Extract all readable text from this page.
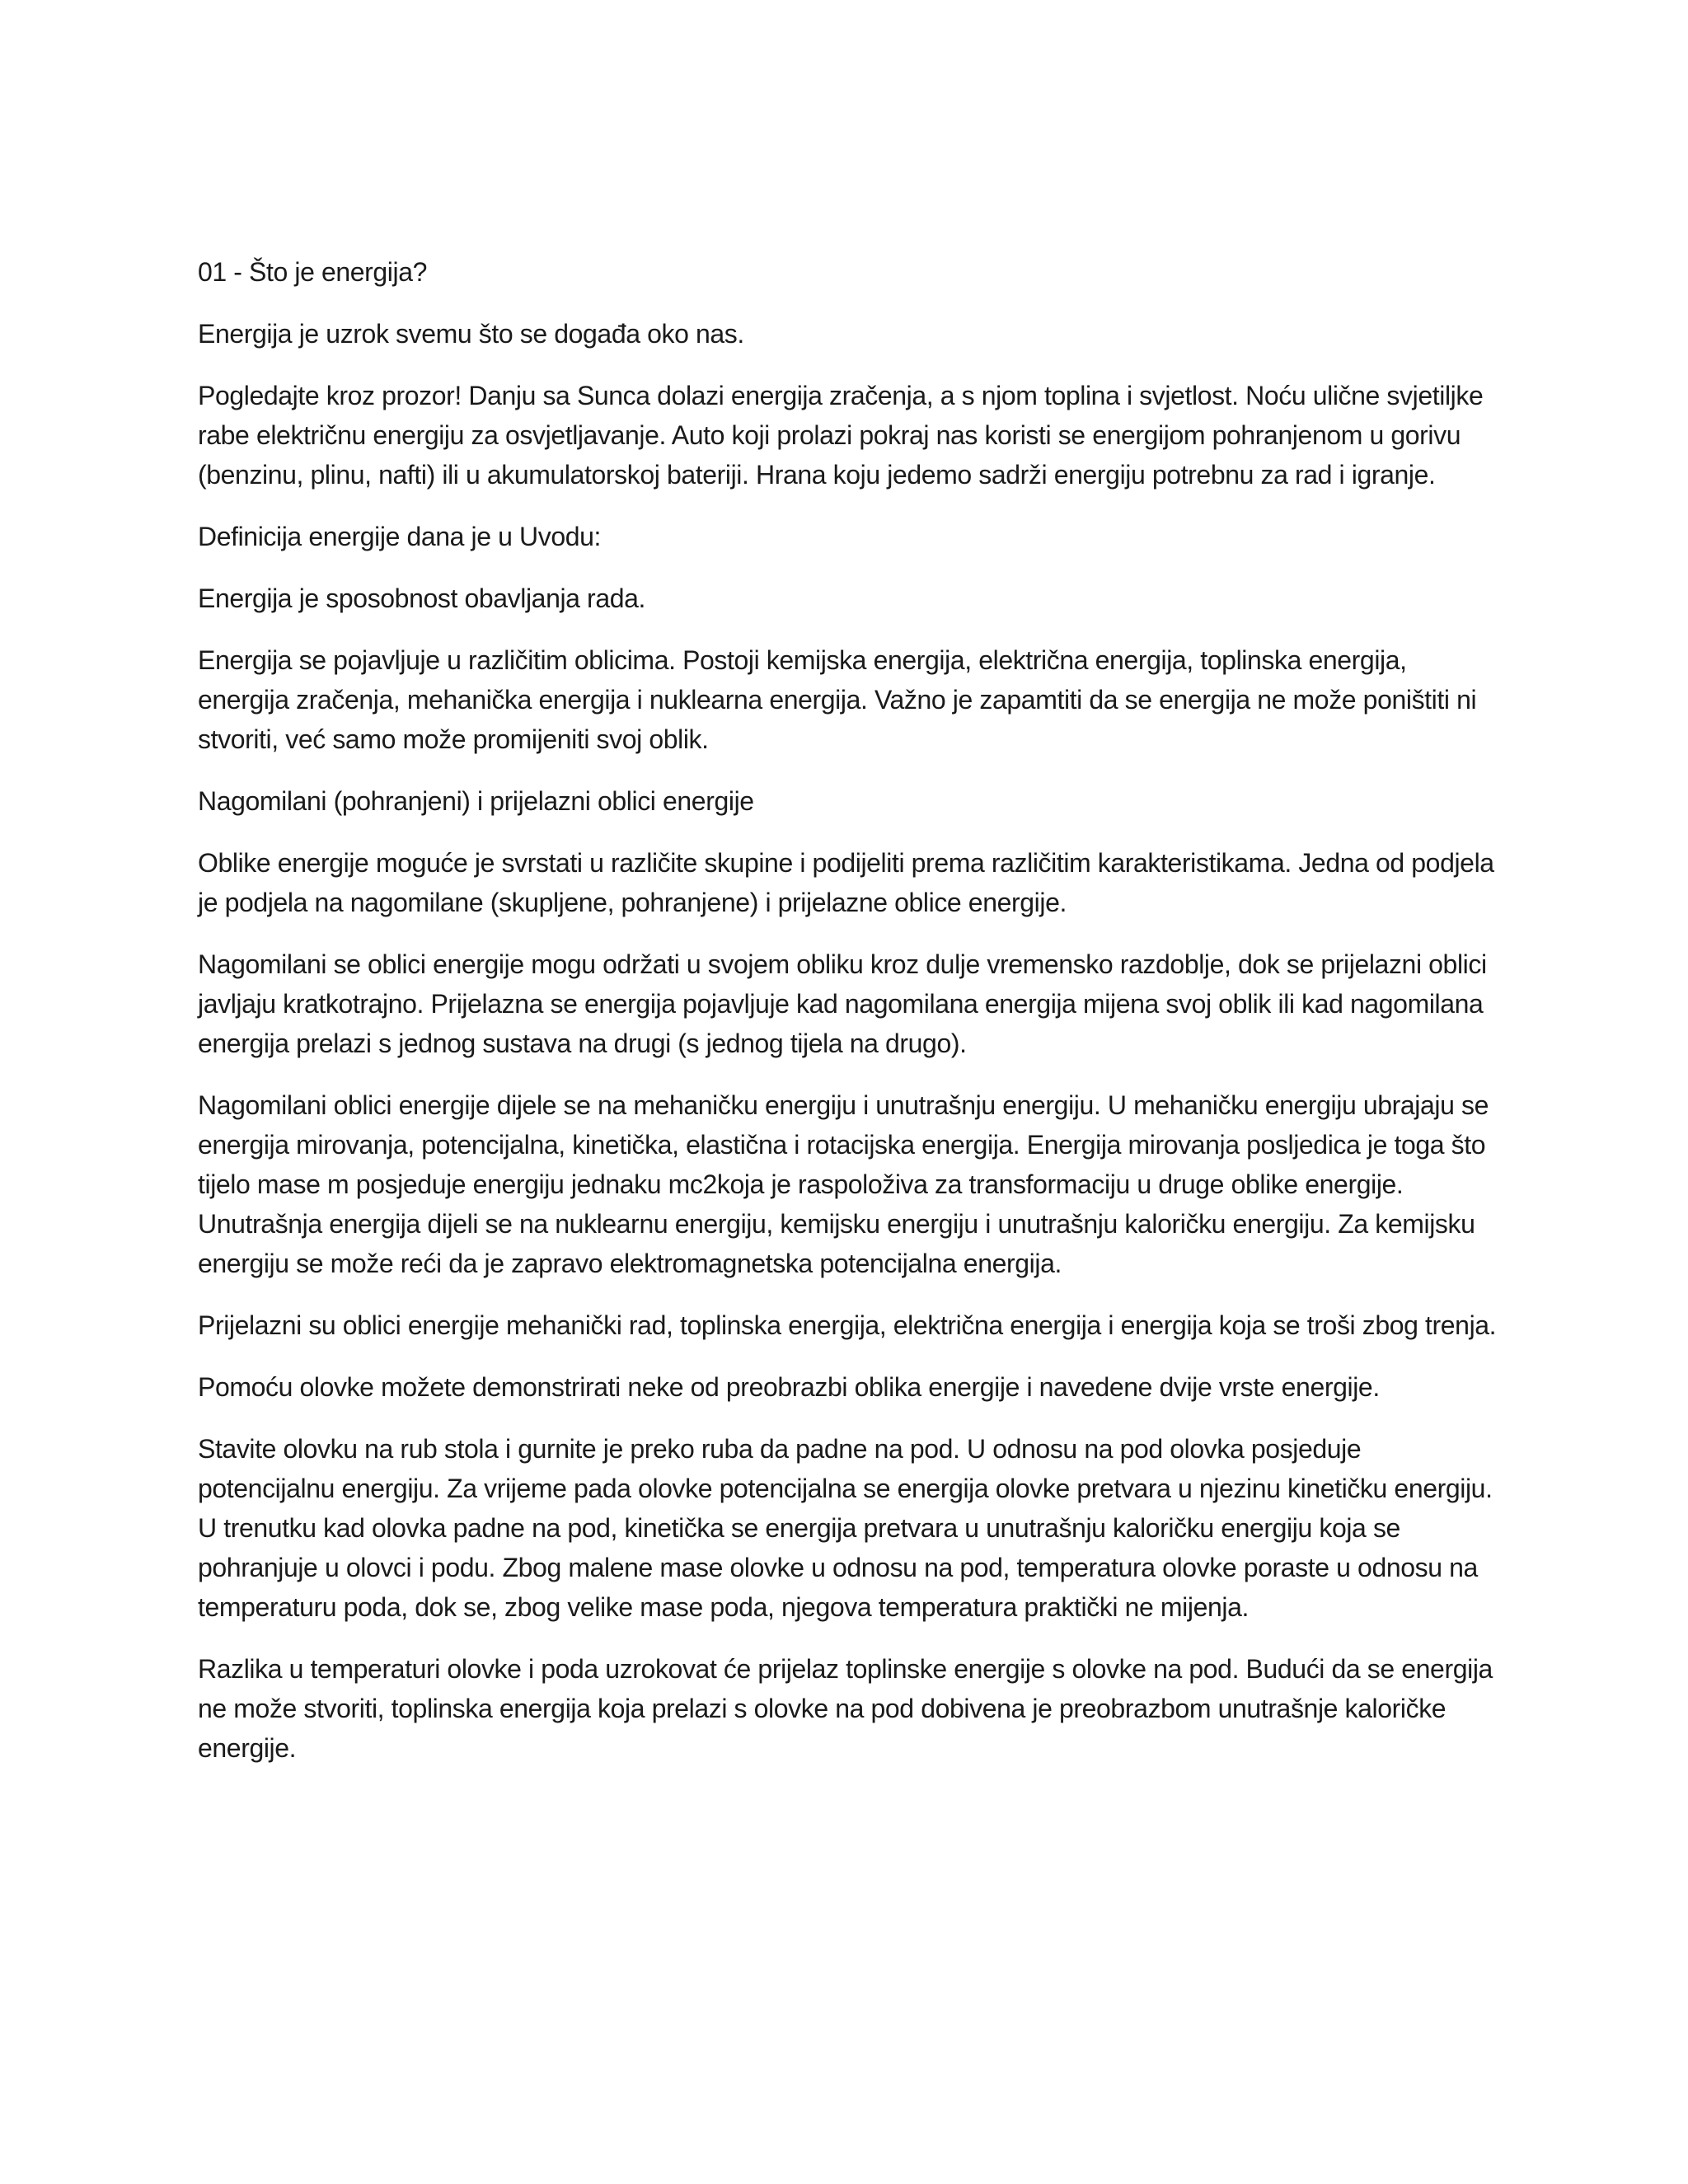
01 - Što je energija?

Energija je uzrok svemu što se događa oko nas.

Pogledajte kroz prozor! Danju sa Sunca dolazi energija zračenja, a s njom toplina i svjetlost. Noću ulične svjetiljke rabe električnu energiju za osvjetljavanje. Auto koji prolazi pokraj nas koristi se energijom pohranjenom u gorivu (benzinu, plinu, nafti) ili u akumulatorskoj bateriji. Hrana koju jedemo sadrži energiju potrebnu za rad i igranje.

Definicija energije dana je u Uvodu:

Energija je sposobnost obavljanja rada.

Energija se pojavljuje u različitim oblicima. Postoji kemijska energija, električna energija, toplinska energija, energija zračenja, mehanička energija i nuklearna energija. Važno je zapamtiti da se energija ne može poništiti ni stvoriti, već samo može promijeniti svoj oblik.

Nagomilani (pohranjeni) i prijelazni oblici energije

Oblike energije moguće je svrstati u različite skupine i podijeliti prema različitim karakteristikama. Jedna od podjela je podjela na nagomilane (skupljene, pohranjene) i prijelazne oblice energije.

Nagomilani se oblici energije mogu održati u svojem obliku kroz dulje vremensko razdoblje, dok se prijelazni oblici javljaju kratkotrajno. Prijelazna se energija pojavljuje kad nagomilana energija mijena svoj oblik ili kad nagomilana energija prelazi s jednog sustava na drugi (s jednog tijela na drugo).

Nagomilani oblici energije dijele se na mehaničku energiju i unutrašnju energiju. U mehaničku energiju ubrajaju se energija mirovanja, potencijalna, kinetička, elastična i rotacijska energija. Energija mirovanja posljedica je toga što tijelo mase m posjeduje energiju jednaku mc2koja je raspoloživa za transformaciju u druge oblike energije. Unutrašnja energija dijeli se na nuklearnu energiju, kemijsku energiju i unutrašnju kaloričku energiju. Za kemijsku energiju se može reći da je zapravo elektromagnetska potencijalna energija.

Prijelazni su oblici energije mehanički rad, toplinska energija, električna energija i energija koja se troši zbog trenja.

Pomoću olovke možete demonstrirati neke od preobrazbi oblika energije i navedene dvije vrste energije.

Stavite olovku na rub stola i gurnite je preko ruba da padne na pod. U odnosu na pod olovka posjeduje potencijalnu energiju. Za vrijeme pada olovke potencijalna se energija olovke pretvara u njezinu kinetičku energiju. U trenutku kad olovka padne na pod, kinetička se energija pretvara u unutrašnju kaloričku energiju koja se pohranjuje u olovci i podu. Zbog malene mase olovke u odnosu na pod, temperatura olovke poraste u odnosu na temperaturu poda, dok se, zbog velike mase poda, njegova temperatura praktički ne mijenja.

Razlika u temperaturi olovke i poda uzrokovat će prijelaz toplinske energije s olovke na pod. Budući da se energija ne može stvoriti, toplinska energija koja prelazi s olovke na pod dobivena je preobrazbom unutrašnje kaloričke energije.
